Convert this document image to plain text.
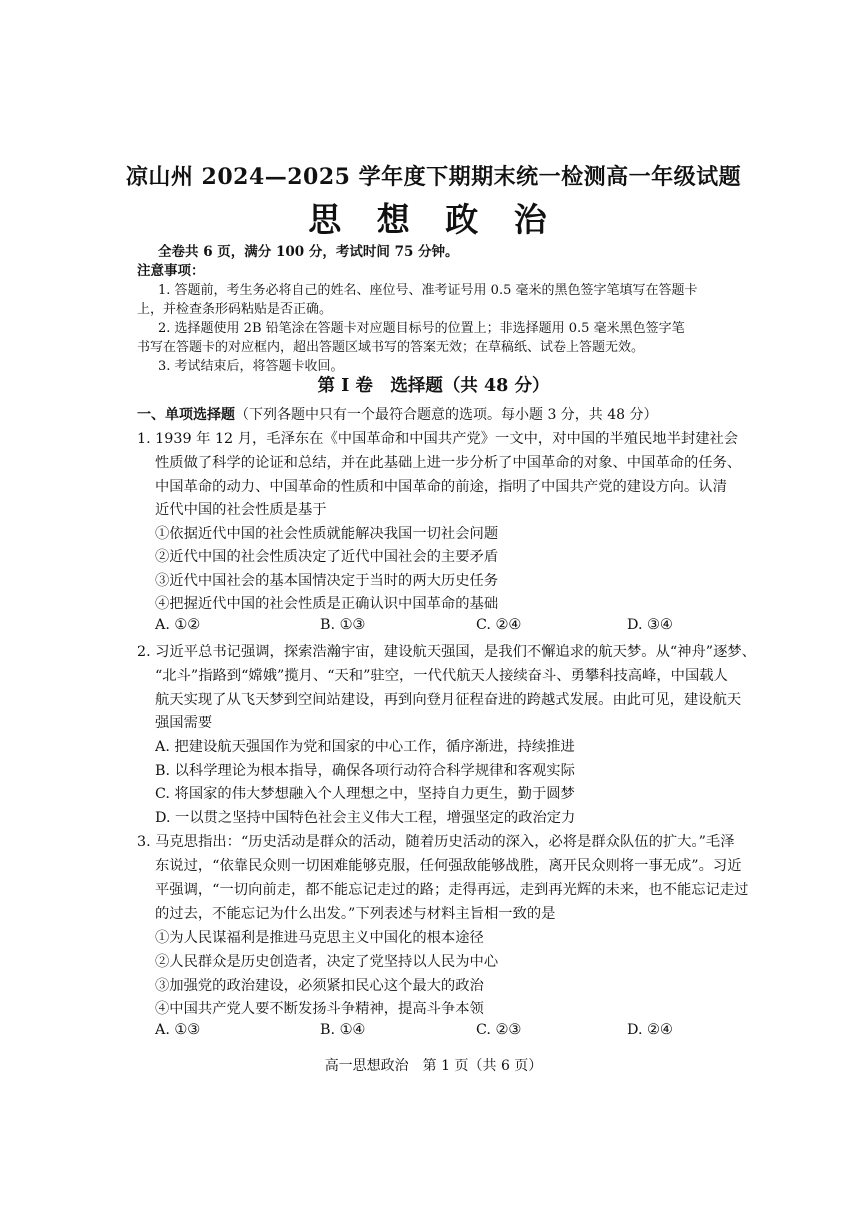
凉山州 2024—2025 学年度下期期末统一检测高一年级试题
思 想 政 治
全卷共 6 页，满分 100 分，考试时间 75 分钟。
注意事项：
1. 答题前，考生务必将自己的姓名、座位号、准考证号用 0.5 毫米的黑色签字笔填写在答题卡
上，并检查条形码粘贴是否正确。
2. 选择题使用 2B 铅笔涂在答题卡对应题目标号的位置上；非选择题用 0.5 毫米黑色签字笔
书写在答题卡的对应框内，超出答题区域书写的答案无效；在草稿纸、试卷上答题无效。
3. 考试结束后，将答题卡收回。
第 Ⅰ 卷　选择题（共 48 分）
一、单项选择题（下列各题中只有一个最符合题意的选项。每小题 3 分，共 48 分）
1. 1939 年 12 月，毛泽东在《中国革命和中国共产党》一文中，对中国的半殖民地半封建社会
性质做了科学的论证和总结，并在此基础上进一步分析了中国革命的对象、中国革命的任务、
中国革命的动力、中国革命的性质和中国革命的前途，指明了中国共产党的建设方向。认清
近代中国的社会性质是基于
①依据近代中国的社会性质就能解决我国一切社会问题
②近代中国的社会性质决定了近代中国社会的主要矛盾
③近代中国社会的基本国情决定于当时的两大历史任务
④把握近代中国的社会性质是正确认识中国革命的基础
A. ①②	B. ①③	C. ②④	D. ③④
2. 习近平总书记强调，探索浩瀚宇宙，建设航天强国，是我们不懈追求的航天梦。从“神舟”逐梦、
“北斗”指路到“嫦娥”揽月、“天和”驻空，一代代航天人接续奋斗、勇攀科技高峰，中国载人
航天实现了从飞天梦到空间站建设，再到向登月征程奋进的跨越式发展。由此可见，建设航天
强国需要
A. 把建设航天强国作为党和国家的中心工作，循序渐进，持续推进
B. 以科学理论为根本指导，确保各项行动符合科学规律和客观实际
C. 将国家的伟大梦想融入个人理想之中，坚持自力更生，勤于圆梦
D. 一以贯之坚持中国特色社会主义伟大工程，增强坚定的政治定力
3. 马克思指出：“历史活动是群众的活动，随着历史活动的深入，必将是群众队伍的扩大。”毛泽
东说过，“依靠民众则一切困难能够克服，任何强敌能够战胜，离开民众则将一事无成”。习近
平强调，“一切向前走，都不能忘记走过的路；走得再远，走到再光辉的未来，也不能忘记走过
的过去，不能忘记为什么出发。”下列表述与材料主旨相一致的是
①为人民谋福利是推进马克思主义中国化的根本途径
②人民群众是历史创造者，决定了党坚持以人民为中心
③加强党的政治建设，必须紧扣民心这个最大的政治
④中国共产党人要不断发扬斗争精神，提高斗争本领
A. ①③	B. ①④	C. ②③	D. ②④
高一思想政治　第 1 页（共 6 页）
